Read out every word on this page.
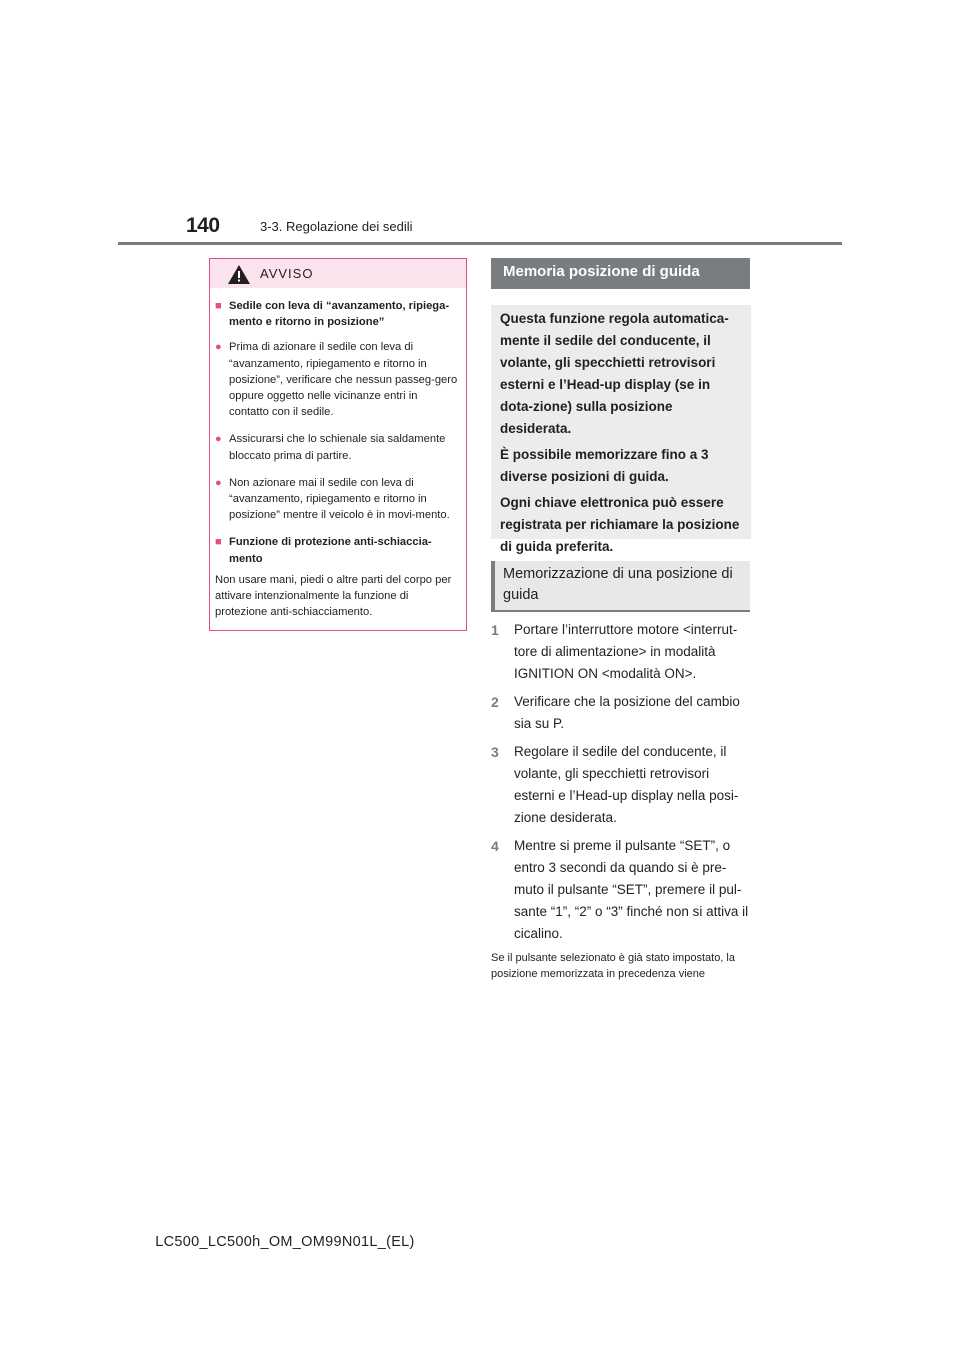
140	3-3. Regolazione dei sedili
AVVISO
■ Sedile con leva di “avanzamento, ripiega-mento e ritorno in posizione”
● Prima di azionare il sedile con leva di “avanzamento, ripiegamento e ritorno in posizione”, verificare che nessun passeg-gero oppure oggetto nelle vicinanze entri in contatto con il sedile.
● Assicurarsi che lo schienale sia saldamente bloccato prima di partire.
● Non azionare mai il sedile con leva di “avanzamento, ripiegamento e ritorno in posizione” mentre il veicolo è in movi-mento.
■ Funzione di protezione anti-schiaccia-mento
Non usare mani, piedi o altre parti del corpo per attivare intenzionalmente la funzione di protezione anti-schiacciamento.
Memoria posizione di guida

Questa funzione regola automatica-mente il sedile del conducente, il volante, gli specchietti retrovisori esterni e l’Head-up display (se in dota-zione) sulla posizione desiderata.

È possibile memorizzare fino a 3 diverse posizioni di guida.

Ogni chiave elettronica può essere registrata per richiamare la posizione di guida preferita.

Memorizzazione di una posizione di guida
1 Portare l’interruttore motore <interrut-tore di alimentazione> in modalità IGNITION ON <modalità ON>.
2 Verificare che la posizione del cambio sia su P.
3 Regolare il sedile del conducente, il volante, gli specchietti retrovisori esterni e l’Head-up display nella posi-zione desiderata.
4 Mentre si preme il pulsante “SET”, o entro 3 secondi da quando si è pre-muto il pulsante “SET”, premere il pul-sante “1”, “2” o “3” finché non si attiva il cicalino.
Se il pulsante selezionato è già stato impostato, la posizione memorizzata in precedenza viene
LC500_LC500h_OM_OM99N01L_(EL)
